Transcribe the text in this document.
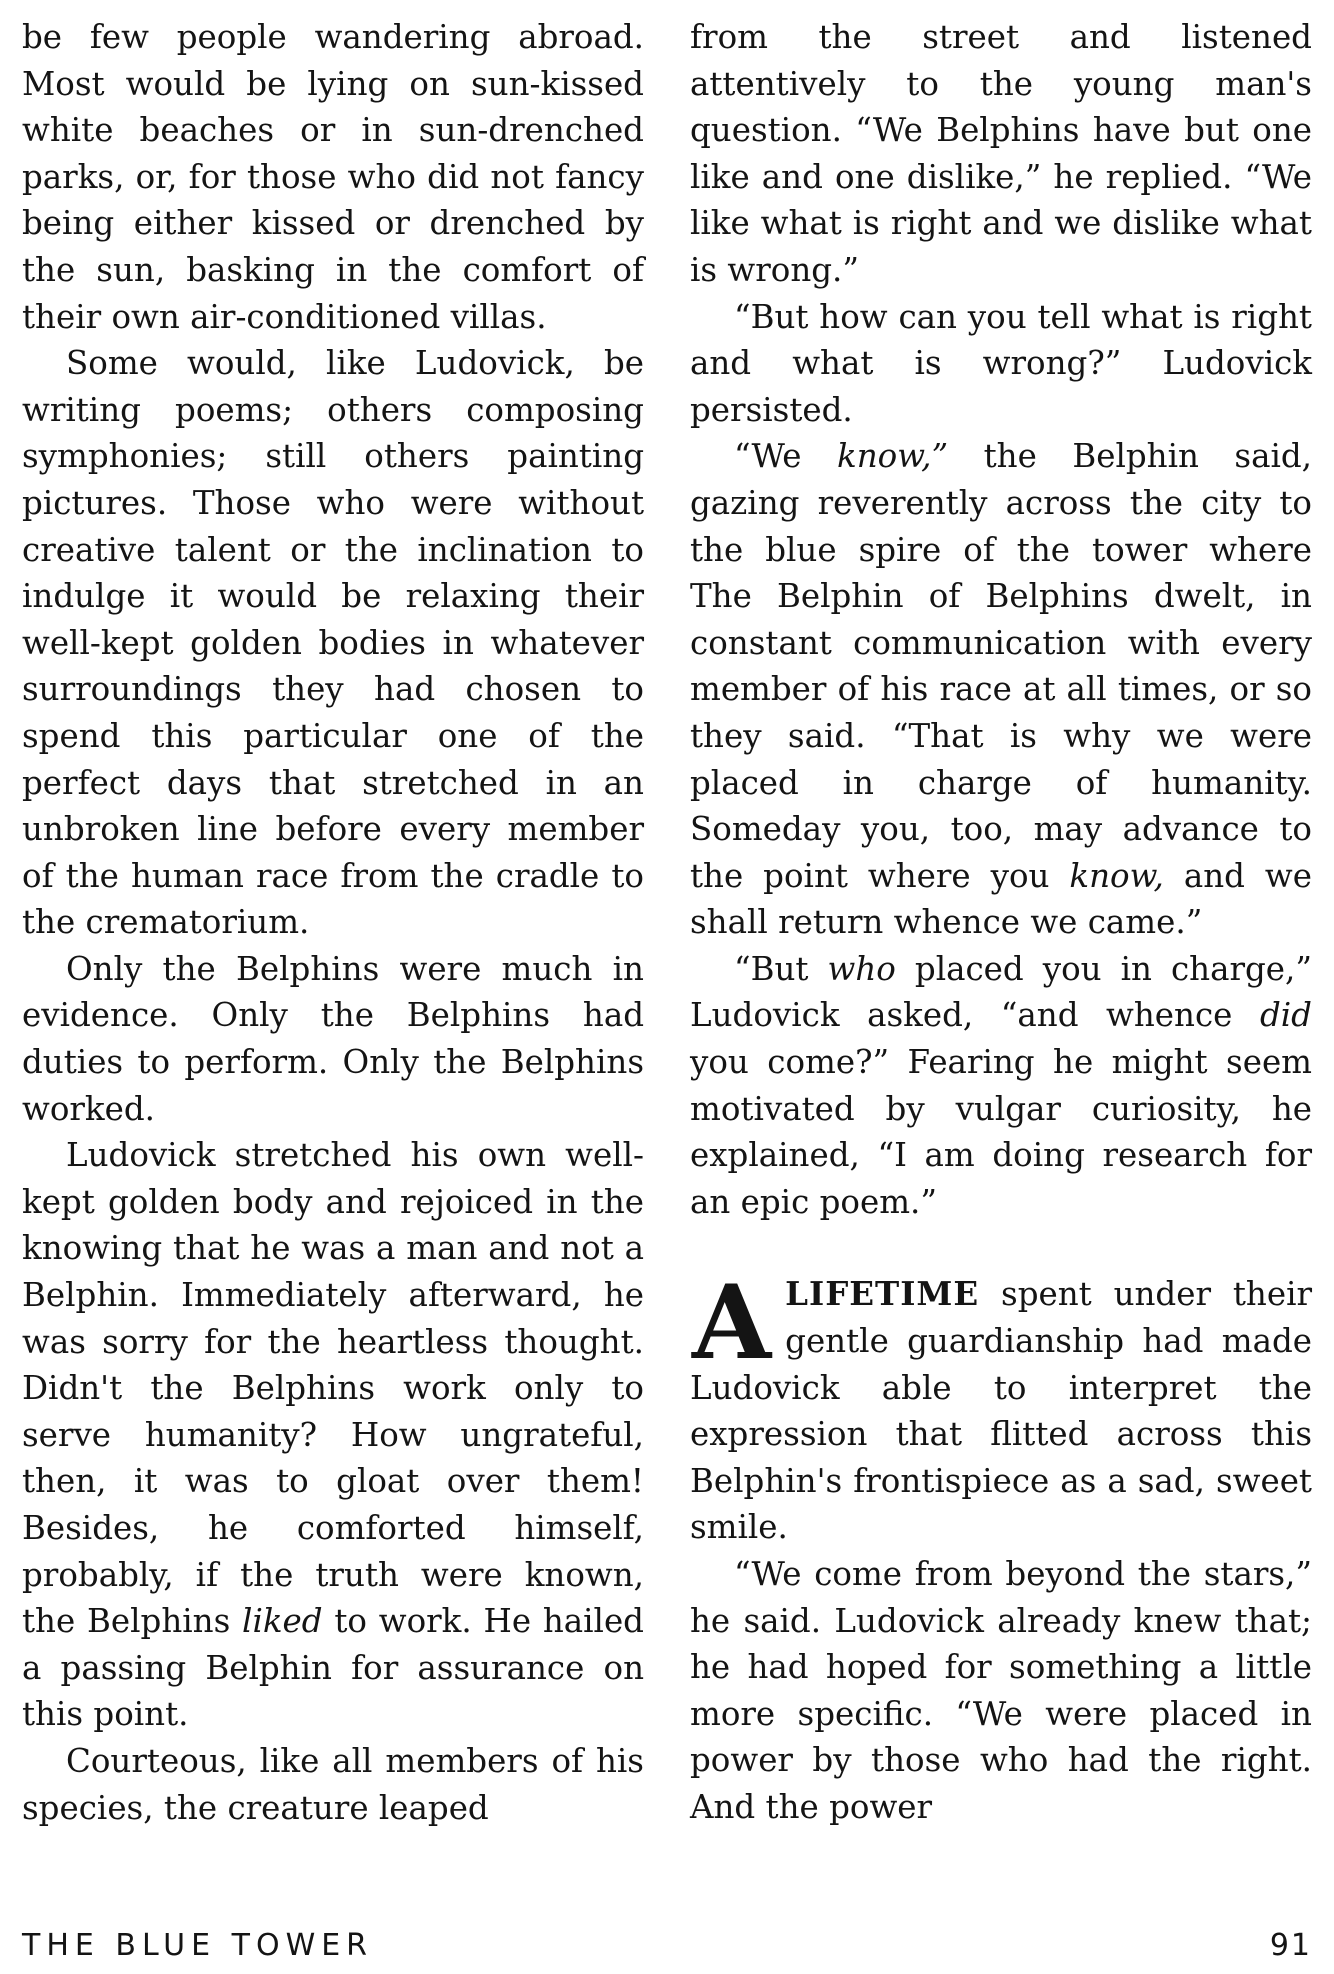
be few people wandering abroad. Most would be lying on sun-kissed white beaches or in sun-drenched parks, or, for those who did not fancy being either kissed or drenched by the sun, basking in the comfort of their own air-conditioned villas.

Some would, like Ludovick, be writing poems; others composing symphonies; still others painting pictures. Those who were without creative talent or the inclination to indulge it would be relaxing their well-kept golden bodies in whatever surroundings they had chosen to spend this particular one of the perfect days that stretched in an unbroken line before every member of the human race from the cradle to the crematorium.

Only the Belphins were much in evidence. Only the Belphins had duties to perform. Only the Belphins worked.

Ludovick stretched his own well-kept golden body and rejoiced in the knowing that he was a man and not a Belphin. Immediately afterward, he was sorry for the heartless thought. Didn't the Belphins work only to serve humanity? How ungrateful, then, it was to gloat over them! Besides, he comforted himself, probably, if the truth were known, the Belphins liked to work. He hailed a passing Belphin for assurance on this point.

Courteous, like all members of his species, the creature leaped

from the street and listened attentively to the young man's question. “We Belphins have but one like and one dislike,” he replied. “We like what is right and we dislike what is wrong.”

“But how can you tell what is right and what is wrong?” Ludovick persisted.

“We know,” the Belphin said, gazing reverently across the city to the blue spire of the tower where The Belphin of Belphins dwelt, in constant communication with every member of his race at all times, or so they said. “That is why we were placed in charge of humanity. Someday you, too, may advance to the point where you know, and we shall return whence we came.”

“But who placed you in charge,” Ludovick asked, “and whence did you come?” Fearing he might seem motivated by vulgar curiosity, he explained, “I am doing research for an epic poem.”

ALIFETIME spent under their gentle guardianship had made Ludovick able to interpret the expression that flitted across this Belphin's frontispiece as a sad, sweet smile.

“We come from beyond the stars,” he said. Ludovick already knew that; he had hoped for something a little more specific. “We were placed in power by those who had the right. And the power

THE BLUE TOWER	91
